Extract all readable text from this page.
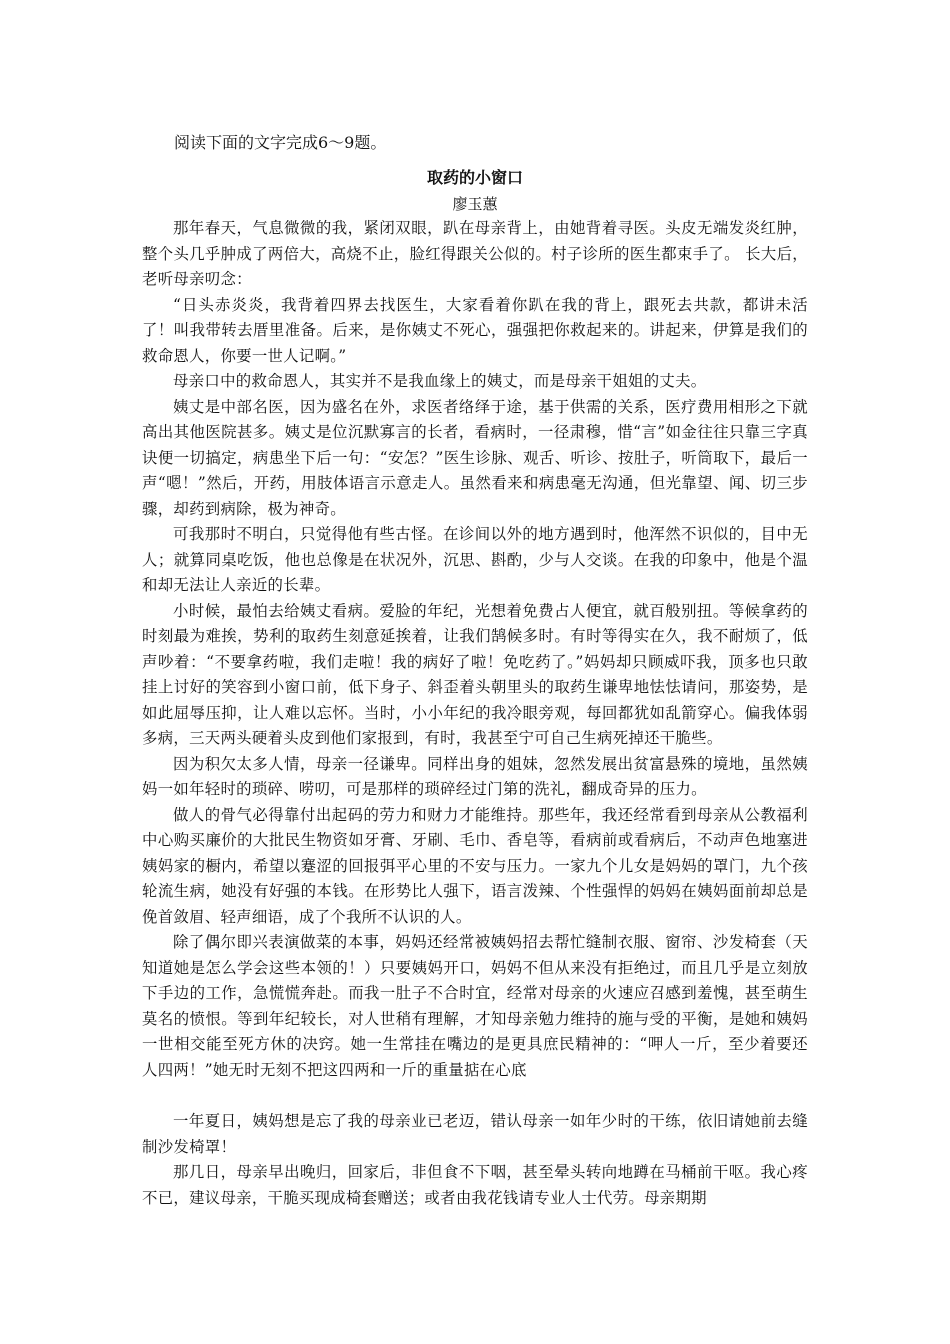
阅读下面的文字完成6～9题。

取药的小窗口

廖玉蕙

那年春天，气息微微的我，紧闭双眼，趴在母亲背上，由她背着寻医。头皮无端发炎红肿，整个头几乎肿成了两倍大，高烧不止，脸红得跟关公似的。村子诊所的医生都束手了。 长大后，老听母亲叨念：

“日头赤炎炎，我背着四界去找医生，大家看着你趴在我的背上，跟死去共款，都讲未活了！叫我带转去厝里准备。后来，是你姨丈不死心，强强把你救起来的。讲起来，伊算是我们的救命恩人，你要一世人记啊。”

母亲口中的救命恩人，其实并不是我血缘上的姨丈，而是母亲干姐姐的丈夫。

姨丈是中部名医，因为盛名在外，求医者络绎于途，基于供需的关系，医疗费用相形之下就高出其他医院甚多。姨丈是位沉默寡言的长者，看病时，一径肃穆，惜“言”如金往往只靠三字真诀便一切搞定，病患坐下后一句：“安怎？”医生诊脉、观舌、听诊、按肚子，听筒取下，最后一声“嗯！”然后，开药，用肢体语言示意走人。虽然看来和病患毫无沟通，但光靠望、闻、切三步骤，却药到病除，极为神奇。

可我那时不明白，只觉得他有些古怪。在诊间以外的地方遇到时，他浑然不识似的，目中无人；就算同桌吃饭，他也总像是在状况外，沉思、斟酌，少与人交谈。在我的印象中，他是个温和却无法让人亲近的长辈。

小时候，最怕去给姨丈看病。爱脸的年纪，光想着免费占人便宜，就百般别扭。等候拿药的时刻最为难挨，势利的取药生刻意延挨着，让我们鹄候多时。有时等得实在久，我不耐烦了，低声吵着：“不要拿药啦，我们走啦！我的病好了啦！免吃药了。”妈妈却只顾威吓我，顶多也只敢挂上讨好的笑容到小窗口前，低下身子、斜歪着头朝里头的取药生谦卑地怯怯请问，那姿势，是如此屈辱压抑，让人难以忘怀。当时，小小年纪的我冷眼旁观，每回都犹如乱箭穿心。偏我体弱多病，三天两头硬着头皮到他们家报到，有时，我甚至宁可自己生病死掉还干脆些。

因为积欠太多人情，母亲一径谦卑。同样出身的姐妹，忽然发展出贫富悬殊的境地，虽然姨妈一如年轻时的琐碎、唠叨，可是那样的琐碎经过门第的洗礼，翻成奇异的压力。

做人的骨气必得靠付出起码的劳力和财力才能维持。那些年，我还经常看到母亲从公教福利中心购买廉价的大批民生物资如牙膏、牙刷、毛巾、香皂等，看病前或看病后，不动声色地塞进姨妈家的橱内，希望以蹇涩的回报弭平心里的不安与压力。一家九个儿女是妈妈的罩门，九个孩轮流生病，她没有好强的本钱。在形势比人强下，语言泼辣、个性强悍的妈妈在姨妈面前却总是俛首敛眉、轻声细语，成了个我所不认识的人。

除了偶尔即兴表演做菜的本事，妈妈还经常被姨妈招去帮忙缝制衣服、窗帘、沙发椅套（天知道她是怎么学会这些本领的！）只要姨妈开口，妈妈不但从来没有拒绝过，而且几乎是立刻放下手边的工作，急慌慌奔赴。而我一肚子不合时宜，经常对母亲的火速应召感到羞愧，甚至萌生莫名的愤恨。等到年纪较长，对人世稍有理解，才知母亲勉力维持的施与受的平衡，是她和姨妈一世相交能至死方休的决窍。她一生常挂在嘴边的是更具庶民精神的：“呷人一斤，至少着要还人四两！”她无时无刻不把这四两和一斤的重量掂在心底

一年夏日，姨妈想是忘了我的母亲业已老迈，错认母亲一如年少时的干练，依旧请她前去缝制沙发椅罩！

那几日，母亲早出晚归，回家后，非但食不下咽，甚至晕头转向地蹲在马桶前干呕。我心疼不已，建议母亲，干脆买现成椅套赠送；或者由我花钱请专业人士代劳。母亲期期
